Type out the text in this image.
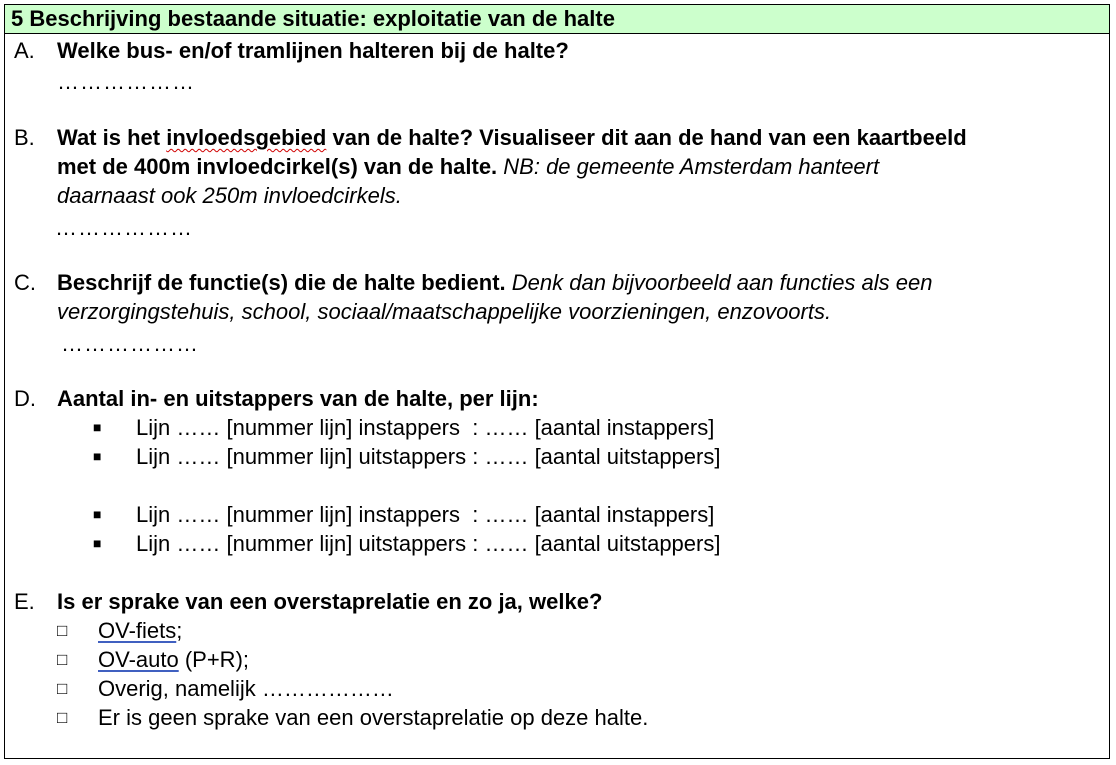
5 Beschrijving bestaande situatie: exploitatie van de halte
A. Welke bus- en/of tramlijnen halteren bij de halte?
………………
B. Wat is het invloedsgebied van de halte? Visualiseer dit aan de hand van een kaartbeeld
met de 400m invloedcirkel(s) van de halte. NB: de gemeente Amsterdam hanteert
daarnaast ook 250m invloedcirkels.
………………
C. Beschrijf de functie(s) die de halte bedient. Denk dan bijvoorbeeld aan functies als een
verzorgingstehuis, school, sociaal/maatschappelijke voorzieningen, enzovoorts.
………………
D. Aantal in- en uitstappers van de halte, per lijn:
■ Lijn …… [nummer lijn] instappers  : …… [aantal instappers]
■ Lijn …… [nummer lijn] uitstappers : …… [aantal uitstappers]
■ Lijn …… [nummer lijn] instappers  : …… [aantal instappers]
■ Lijn …… [nummer lijn] uitstappers : …… [aantal uitstappers]
E. Is er sprake van een overstaprelatie en zo ja, welke?
□ OV-fiets;
□ OV-auto (P+R);
□ Overig, namelijk ………………
□ Er is geen sprake van een overstaprelatie op deze halte.
